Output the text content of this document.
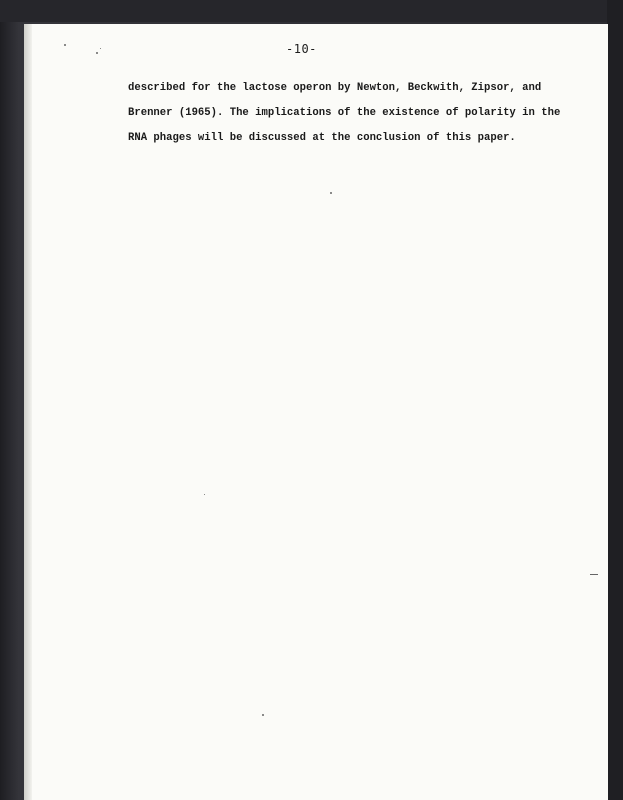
-10-
described for the lactose operon by Newton, Beckwith, Zipsor, and
Brenner (1965). The implications of the existence of polarity in the
RNA phages will be discussed at the conclusion of this paper.
